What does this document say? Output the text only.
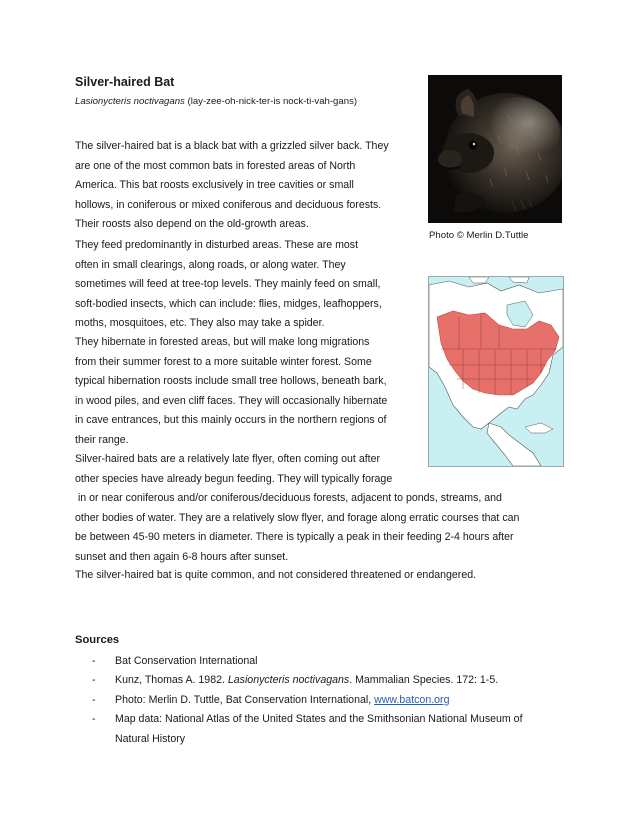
Silver-haired Bat
Lasionycteris noctivagans (lay-zee-oh-nick-ter-is nock-ti-vah-gans)
The silver-haired bat is a black bat with a grizzled silver back. They
are one of the most common bats in forested areas of North
America. This bat roosts exclusively in tree cavities or small
hollows, in coniferous or mixed coniferous and deciduous forests.
Their roosts also depend on the old-growth areas.
They feed predominantly in disturbed areas. These are most
often in small clearings, along roads, or along water. They
sometimes will feed at tree-top levels. They mainly feed on small,
soft-bodied insects, which can include: flies, midges, leafhoppers,
moths, mosquitoes, etc. They also may take a spider.
They hibernate in forested areas, but will make long migrations
from their summer forest to a more suitable winter forest. Some
typical hibernation roosts include small tree hollows, beneath bark,
in wood piles, and even cliff faces. They will occasionally hibernate
in cave entrances, but this mainly occurs in the northern regions of
their range.
Silver-haired bats are a relatively late flyer, often coming out after
other species have already begun feeding. They will typically forage
in or near coniferous and/or coniferous/deciduous forests, adjacent to ponds, streams, and
other bodies of water. They are a relatively slow flyer, and forage along erratic courses that can
be between 45-90 meters in diameter. There is typically a peak in their feeding 2-4 hours after
sunset and then again 6-8 hours after sunset.
The silver-haired bat is quite common, and not considered threatened or endangered.
Photo © Merlin D.Tuttle
Sources
- Bat Conservation International
- Kunz, Thomas A. 1982. Lasionycteris noctivagans. Mammalian Species. 172: 1-5.
- Photo: Merlin D. Tuttle, Bat Conservation International, www.batcon.org
- Map data: National Atlas of the United States and the Smithsonian National Museum of
Natural History
